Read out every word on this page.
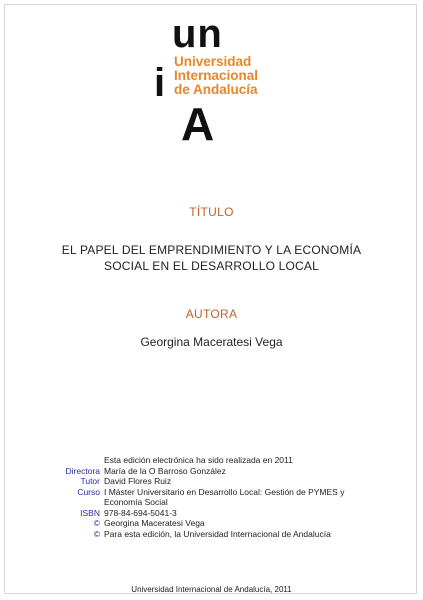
un
i
A
Universidad
Internacional
de Andalucía
TÍTULO
EL PAPEL DEL EMPRENDIMIENTO Y LA ECONOMÍA
SOCIAL EN EL DESARROLLO LOCAL
AUTORA
Georgina Maceratesi Vega
Esta edición electrónica ha sido realizada en 2011
Directora María de la O Barroso González
Tutor David Flores Ruiz
Curso I Máster Universitario en Desarrollo Local: Gestión de PYMES y Economía Social
ISBN 978-84-694-5041-3
© Georgina Maceratesi Vega
© Para esta edición, la Universidad Internacional de Andalucía
Universidad Internacional de Andalucía, 2011
